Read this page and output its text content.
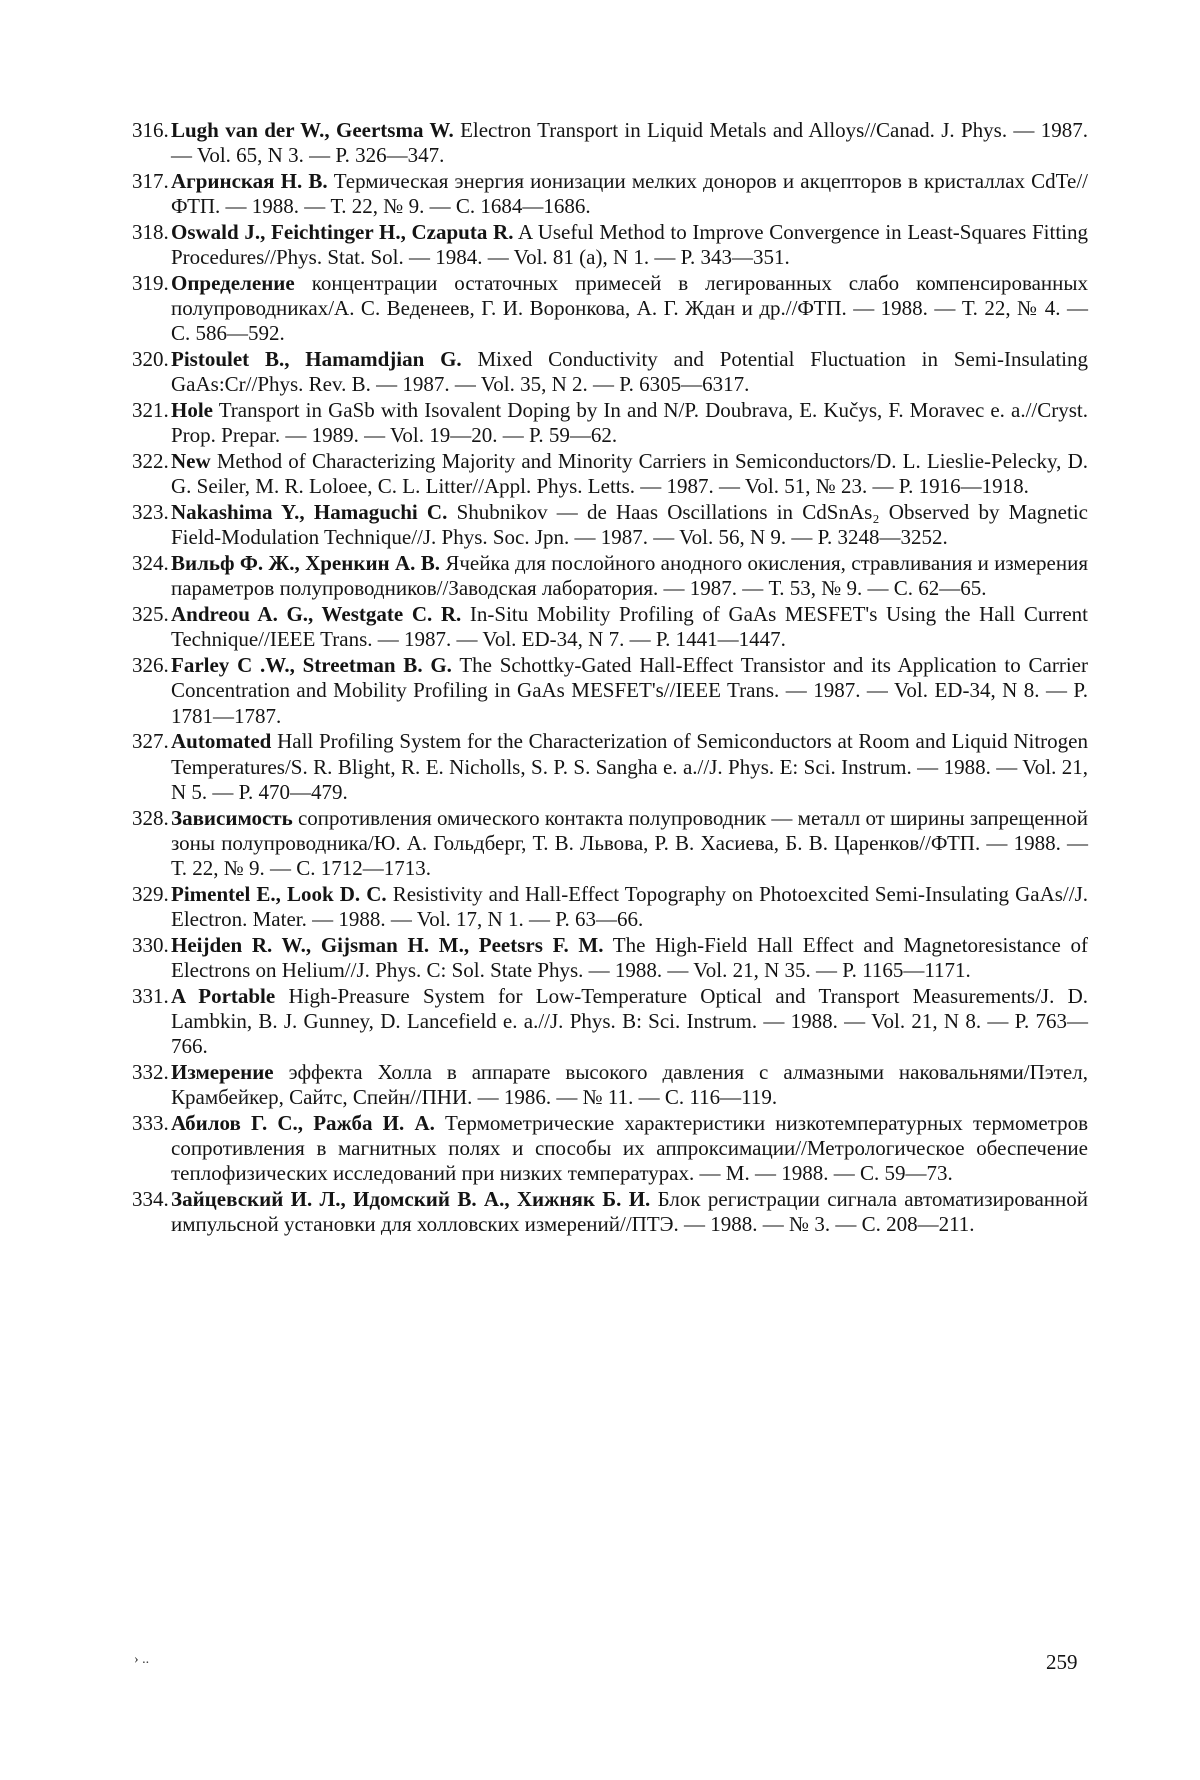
316. Lugh van der W., Geertsma W. Electron Transport in Liquid Metals and Alloys//Canad. J. Phys. — 1987. — Vol. 65, N 3. — P. 326—347.
317. Агринская Н. В. Термическая энергия ионизации мелких доноров и акцепторов в кристаллах CdTe//ФТП. — 1988. — Т. 22, № 9. — С. 1684—1686.
318. Oswald J., Feichtinger H., Czaputa R. A Useful Method to Improve Convergence in Least-Squares Fitting Procedures//Phys. Stat. Sol. — 1984. — Vol. 81 (a), N 1. — P. 343—351.
319. Определение концентрации остаточных примесей в легированных слабо компенсированных полупроводниках/А. С. Веденеев, Г. И. Воронкова, А. Г. Ждан и др.//ФТП. — 1988. — Т. 22, № 4. — С. 586—592.
320. Pistoulet B., Hamamdjian G. Mixed Conductivity and Potential Fluctuation in Semi-Insulating GaAs:Cr//Phys. Rev. B. — 1987. — Vol. 35, N 2. — P. 6305—6317.
321. Hole Transport in GaSb with Isovalent Doping by In and N/P. Doubrava, E. Kučys, F. Moravec e. a.//Cryst. Prop. Prepar. — 1989. — Vol. 19—20. — P. 59—62.
322. New Method of Characterizing Majority and Minority Carriers in Semiconductors/D. L. Lieslie-Pelecky, D. G. Seiler, M. R. Loloee, C. L. Litter//Appl. Phys. Letts. — 1987. — Vol. 51, № 23. — P. 1916—1918.
323. Nakashima Y., Hamaguchi C. Shubnikov — de Haas Oscillations in CdSnAs₂ Observed by Magnetic Field-Modulation Technique//J. Phys. Soc. Jpn. — 1987. — Vol. 56, N 9. — P. 3248—3252.
324. Вильф Ф. Ж., Хренкин А. В. Ячейка для послойного анодного окисления, стравливания и измерения параметров полупроводников//Заводская лаборатория. — 1987. — Т. 53, № 9. — С. 62—65.
325. Andreou A. G., Westgate C. R. In-Situ Mobility Profiling of GaAs MESFET's Using the Hall Current Technique//IEEE Trans. — 1987. — Vol. ED-34, N 7. — P. 1441—1447.
326. Farley C .W., Streetman B. G. The Schottky-Gated Hall-Effect Transistor and its Application to Carrier Concentration and Mobility Profiling in GaAs MESFET's//IEEE Trans. — 1987. — Vol. ED-34, N 8. — P. 1781—1787.
327. Automated Hall Profiling System for the Characterization of Semiconductors at Room and Liquid Nitrogen Temperatures/S. R. Blight, R. E. Nicholls, S. P. S. Sangha e. a.//J. Phys. E: Sci. Instrum. — 1988. — Vol. 21, N 5. — P. 470—479.
328. Зависимость сопротивления омического контакта полупроводник — металл от ширины запрещенной зоны полупроводника/Ю. А. Гольдберг, Т. В. Львова, Р. В. Хасиева, Б. В. Царенков//ФТП. — 1988. — Т. 22, № 9. — С. 1712—1713.
329. Pimentel E., Look D. C. Resistivity and Hall-Effect Topography on Photoexcited Semi-Insulating GaAs//J. Electron. Mater. — 1988. — Vol. 17, N 1. — P. 63—66.
330. Heijden R. W., Gijsman H. M., Peetsrs F. M. The High-Field Hall Effect and Magnetoresistance of Electrons on Helium//J. Phys. C: Sol. State Phys. — 1988. — Vol. 21, N 35. — P. 1165—1171.
331. A Portable High-Preasure System for Low-Temperature Optical and Transport Measurements/J. D. Lambkin, B. J. Gunney, D. Lancefield e. a.//J. Phys. B: Sci. Instrum. — 1988. — Vol. 21, N 8. — P. 763—766.
332. Измерение эффекта Холла в аппарате высокого давления с алмазными наковальнями/Пэтел, Крамбейкер, Сайтс, Спейн//ПНИ. — 1986. — № 11. — С. 116—119.
333. Абилов Г. С., Ражба И. А. Термометрические характеристики низкотемпературных термометров сопротивления в магнитных полях и способы их аппроксимации//Метрологическое обеспечение теплофизических исследований при низких температурах. — М. — 1988. — С. 59—73.
334. Зайцевский И. Л., Идомский В. А., Хижняк Б. И. Блок регистрации сигнала автоматизированной импульсной установки для холловских измерений//ПТЭ. — 1988. — № 3. — С. 208—211.
› ..	259
